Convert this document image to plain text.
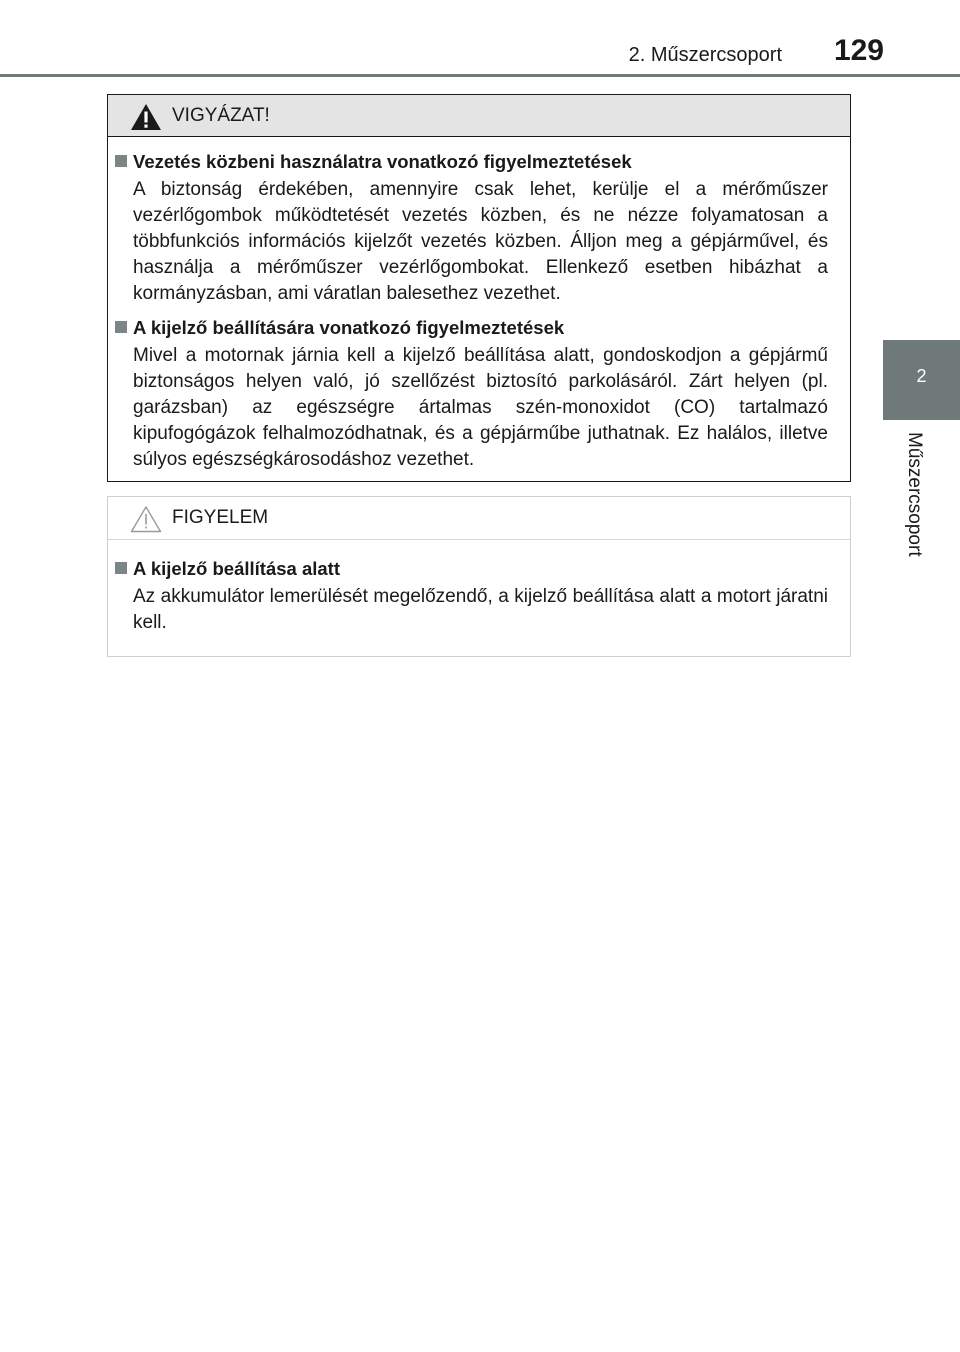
2. Műszercsoport 129
2
Műszercsoport
VIGYÁZAT!
Vezetés közbeni használatra vonatkozó figyelmeztetések
A biztonság érdekében, amennyire csak lehet, kerülje el a mérőműszer vezérlőgombok működtetését vezetés közben, és ne nézze folyamatosan a többfunkciós információs kijelzőt vezetés közben. Álljon meg a gépjárművel, és használja a mérőműszer vezérlőgombokat. Ellenkező esetben hibázhat a kormányzásban, ami váratlan balesethez vezethet.
A kijelző beállítására vonatkozó figyelmeztetések
Mivel a motornak járnia kell a kijelző beállítása alatt, gondoskodjon a gépjármű biztonságos helyen való, jó szellőzést biztosító parkolásáról. Zárt helyen (pl. garázsban) az egészségre ártalmas szén-monoxidot (CO) tartalmazó kipufogógázok felhalmozódhatnak, és a gépjárműbe juthatnak. Ez halálos, illetve súlyos egészségkárosodáshoz vezethet.
FIGYELEM
A kijelző beállítása alatt
Az akkumulátor lemerülését megelőzendő, a kijelző beállítása alatt a motort járatni kell.
